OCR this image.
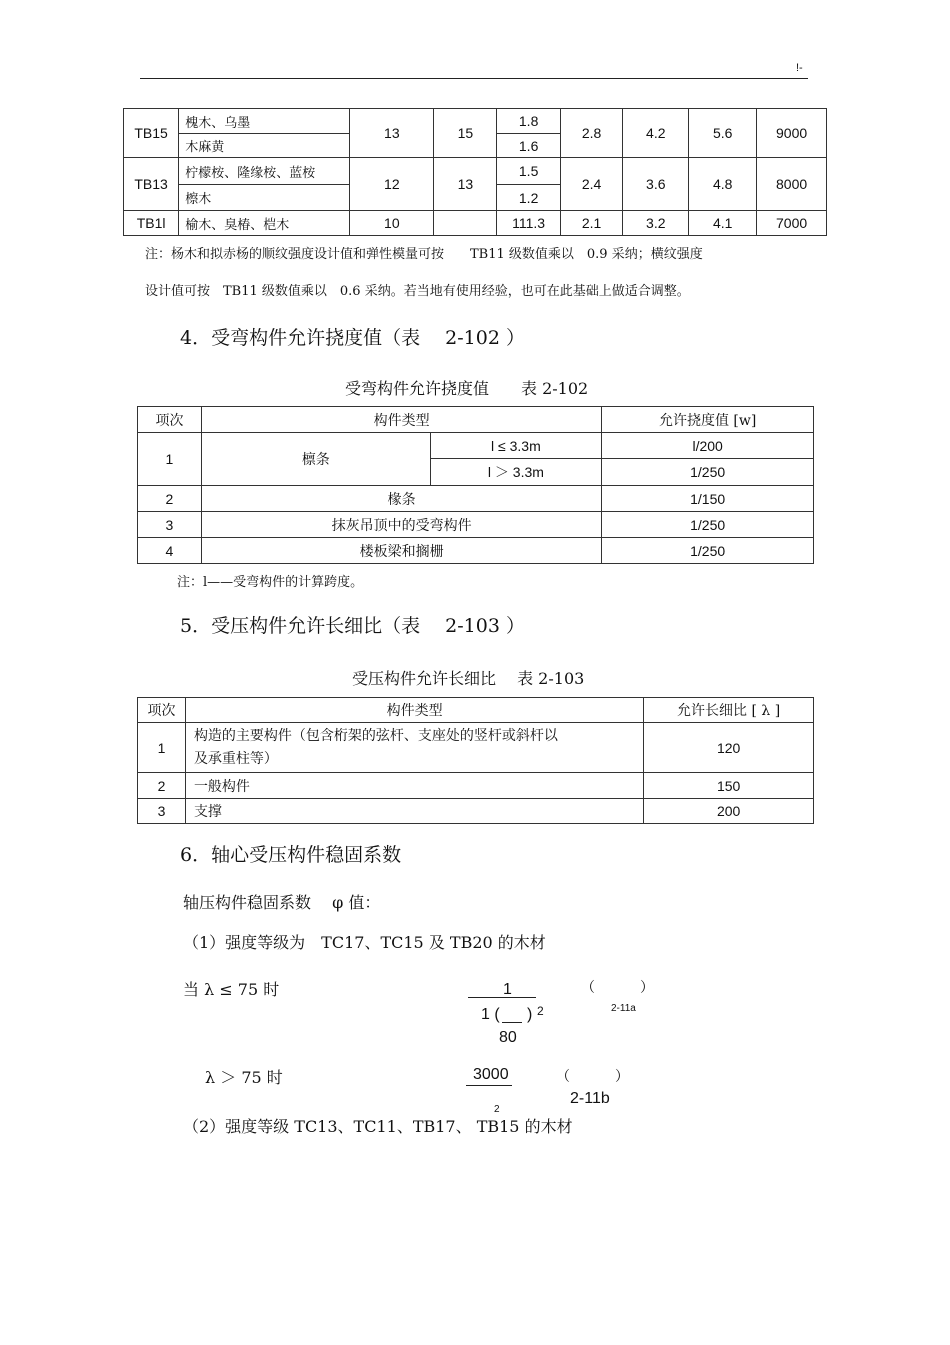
!-
TB15	槐木、乌墨	13	15	1.8	2.8	4.2	5.6	9000
	木麻黄			1.6				
TB13	柠檬桉、隆缘桉、蓝桉	12	13	1.5	2.4	3.6	4.8	8000
	檫木			1.2				
TB1l	榆木、臭椿、桤木	10		111.3	2.1	3.2	4.1	7000
注：杨木和拟赤杨的顺纹强度设计值和弹性模量可按　　TB11 级数值乘以　0.9 采纳；横纹强度
设计值可按　TB11 级数值乘以　0.6 采纳。若当地有使用经验，也可在此基础上做适合调整。
4．受弯构件允许挠度值（表　 2-102 ）
受弯构件允许挠度值　　表 2-102
项次	构件类型		允许挠度值 [w]
1	檩条	l ≤ 3.3m	l/200
		l ＞ 3.3m	1/250
2	椽条		1/150
3	抹灰吊顶中的受弯构件		1/250
4	楼板梁和搁栅		1/250
注：l——受弯构件的计算跨度。
5．受压构件允许长细比（表　 2-103 ）
受压构件允许长细比　 表 2-103
项次	构件类型	允许长细比 [ λ ]
1	构造的主要构件（包含桁架的弦杆、支座处的竖杆或斜杆以
及承重柱等）	120
2	一般构件	150
3	支撑	200
6．轴心受压构件稳固系数
轴压构件稳固系数　 φ 值：
（1）强度等级为　TC17、TC15 及 TB20 的木材
当 λ ≤ 75 时	1
1 ( ) 2
80
（	）
2-11a
λ ＞ 75 时	3000	（	）
2-11b
2
（2）强度等级 TC13、TC11、TB17、 TB15 的木材
